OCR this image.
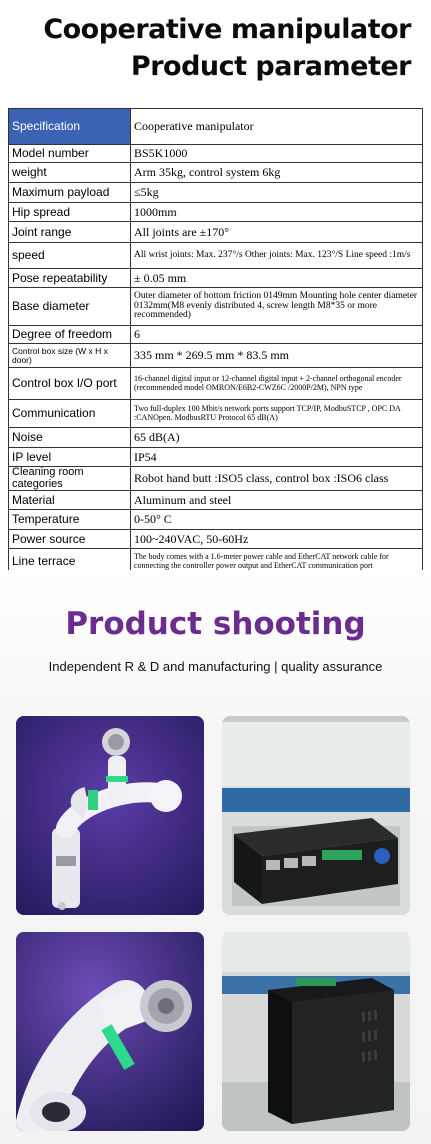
Cooperative manipulator
Product parameter
Specification	Cooperative manipulator
Model number	BS5K1000
weight	Arm 35kg, control system 6kg
Maximum payload	≤5kg
Hip spread	1000mm
Joint range	All joints are ±170°
speed	All wrist joints: Max. 237°/s Other joints: Max. 123°/S Line speed :1m/s
Pose repeatability	± 0.05 mm
Base diameter	Outer diameter of bottom friction 0149mm Mounting hole center diameter 0132mm(M8 evenly distributed 4, screw length M8*35 or more recommended)
Degree of freedom	6
Control box size (W x H x door)	335 mm * 269.5 mm * 83.5 mm
Control box I/O port	16-channel digital input or 12-channel digital input + 2-channel orthogonal encoder (recommended model OMRON/E6B2-CWZ6C /2000P/2M), NPN type
Communication	Two full-duplex 100 Mbit/s network ports support TCP/IP, ModbuSTCP , OPC DA :CANOpen. ModbusRTU Protocol 65 dB(A)
Noise	65 dB(A)
IP level	IP54
Cleaning room categories	Robot hand butt :ISO5 class, control box :ISO6 class
Material	Aluminum and steel
Temperature	0-50° C
Power source	100~240VAC, 50-60Hz
Line terrace	The body comes with a 1.6-meter power cable and EtherCAT network cable for connecting the controller power output and EtherCAT communication port
Product shooting
Independent R & D and manufacturing | quality assurance
